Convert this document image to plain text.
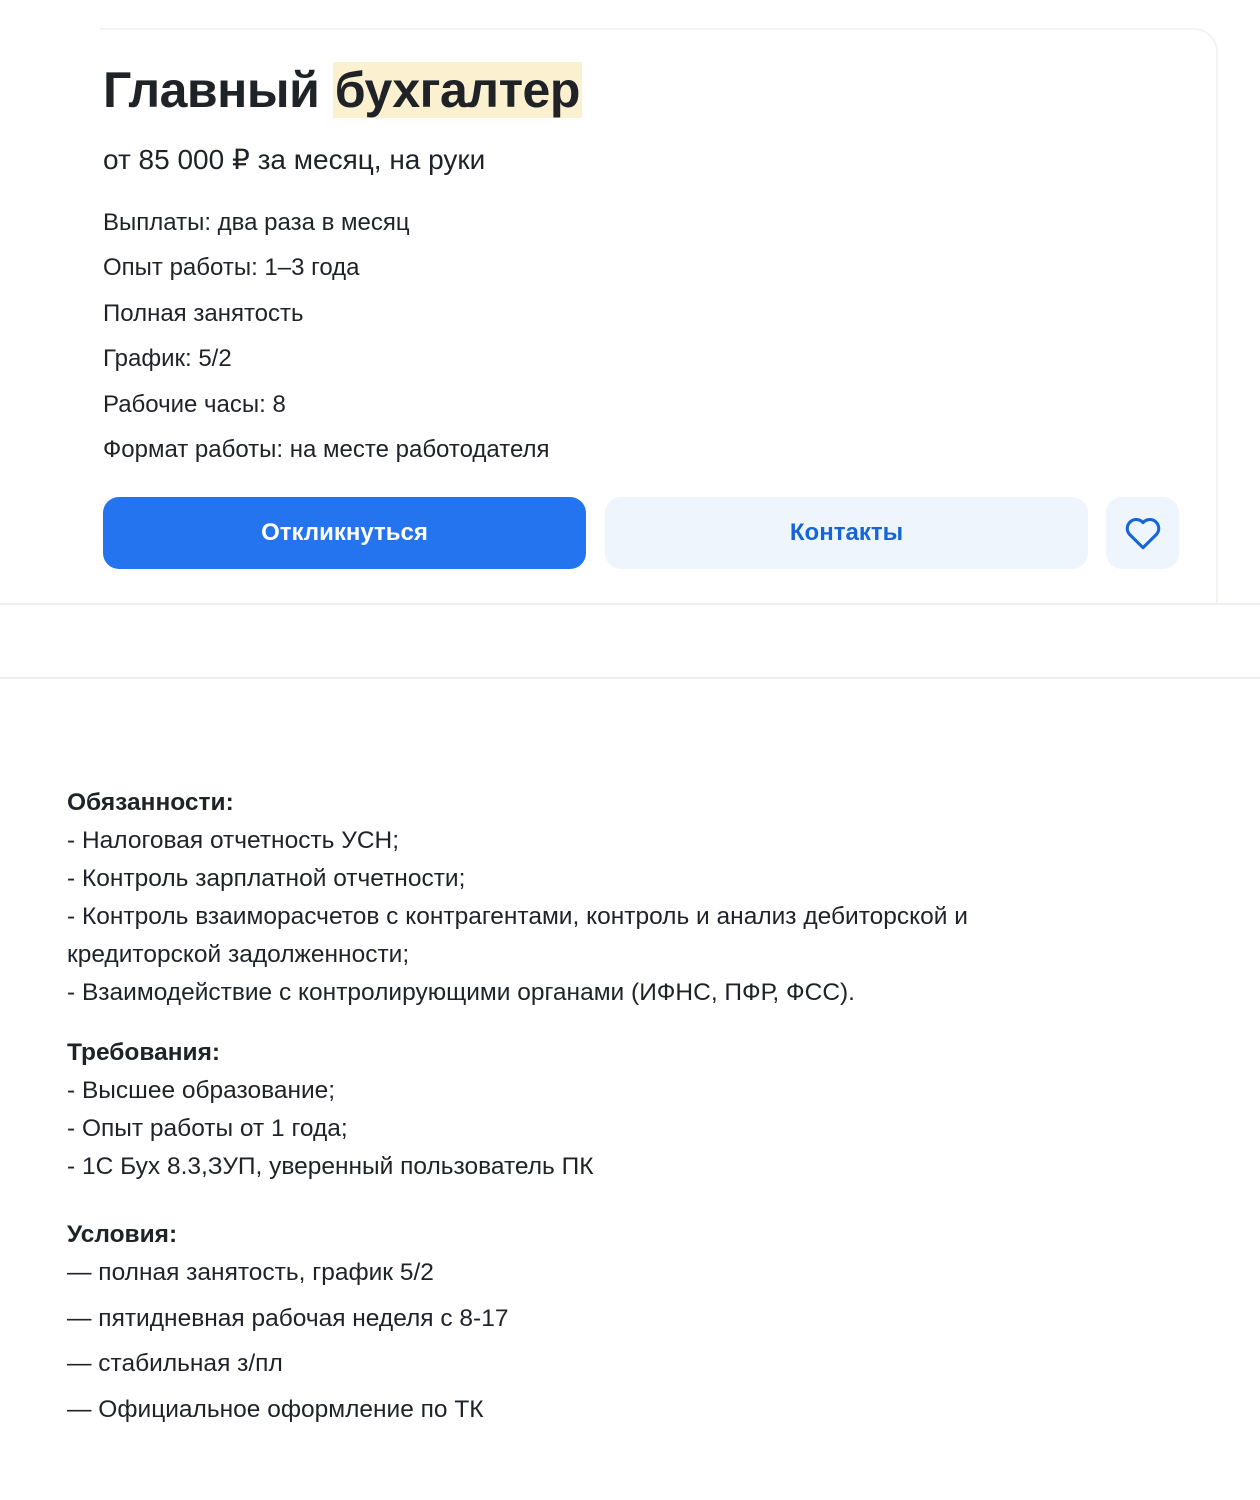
Главный бухгалтер
от 85 000 ₽ за месяц, на руки
Выплаты: два раза в месяц
Опыт работы: 1–3 года
Полная занятость
График: 5/2
Рабочие часы: 8
Формат работы: на месте работодателя
Откликнуться	Контакты
Обязанности:
- Налоговая отчетность УСН;
- Контроль зарплатной отчетности;
- Контроль взаиморасчетов с контрагентами, контроль и анализ дебиторской и кредиторской задолженности;
- Взаимодействие с контролирующими органами (ИФНС, ПФР, ФСС).
Требования:
- Высшее образование;
- Опыт работы от 1 года;
- 1С Бух 8.3,ЗУП, уверенный пользователь ПК
Условия:
— полная занятость, график 5/2
— пятидневная рабочая неделя с 8-17
— стабильная з/пл
— Официальное оформление по ТК
